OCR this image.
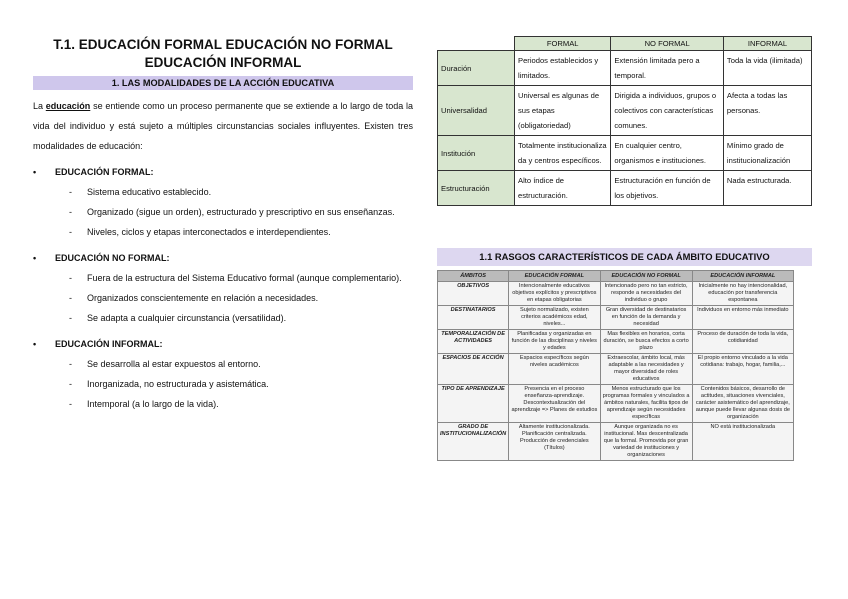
T.1. EDUCACIÓN FORMAL EDUCACIÓN NO FORMAL EDUCACIÓN INFORMAL
1. LAS MODALIDADES DE LA ACCIÓN EDUCATIVA
La educación se entiende como un proceso permanente que se extiende a lo largo de toda la vida del individuo y está sujeto a múltiples circunstancias sociales influyentes. Existen tres modalidades de educación:
• EDUCACIÓN FORMAL:
-	Sistema educativo establecido.
-	Organizado (sigue un orden), estructurado y prescriptivo en sus enseñanzas.
-	Niveles, ciclos y etapas interconectados e interdependientes.
• EDUCACIÓN NO FORMAL:
-	Fuera de la estructura del Sistema Educativo formal (aunque complementario).
-	Organizados conscientemente en relación a necesidades.
-	Se adapta a cualquier circunstancia (versatilidad).
• EDUCACIÓN INFORMAL:
-	Se desarrolla al estar expuestos al entorno.
-	Inorganizada, no estructurada y asistemática.
-	Intemporal (a lo largo de la vida).
	FORMAL	NO FORMAL	INFORMAL
Duración	Periodos establecidos y limitados.	Extensión limitada pero a temporal.	Toda la vida (ilimitada)
Universalidad	Universal es algunas de sus etapas (obligatoriedad)	Dirigida a individuos, grupos o colectivos con características comunes.	Afecta a todas las personas.
Institución	Totalmente institucionaliza da y centros específicos.	En cualquier centro, organismos e instituciones.	Mínimo grado de institucionalización
Estructuración	Alto índice de estructuración.	Estructuración en función de los objetivos.	Nada estructurada.
1.1 RASGOS CARACTERÍSTICOS DE CADA ÁMBITO EDUCATIVO
ÁMBITOS	EDUCACIÓN FORMAL	EDUCACIÓN NO FORMAL	EDUCACIÓN INFORMAL
OBJETIVOS	Intencionalmente educativos objetivos explícitos y prescriptivos en etapas obligatorias	Intencionado pero no tan estricto, responde a necesidades del individuo o grupo	Inicialmente no hay intencionalidad, educación por transferencia espontanea
DESTINATARIOS	Sujeto normalizado, existen criterios académicos edad, niveles...	Gran diversidad de destinatarios en función de la demanda y necesidad	Individuos en entorno más inmediato
TEMPORALIZACIÓN DE ACTIVIDADES	Planificadas y organizadas en función de las disciplinas y niveles y edades	Mas flexibles en horarios, corta duración, se busca efectos a corto plazo	Proceso de duración de toda la vida, cotidianidad
ESPACIOS DE ACCIÓN	Espacios específicos según niveles académicos	Extraescolar, ámbito local, más adaptable a las necesidades y mayor diversidad de roles educativos	El propio entorno vinculado a la vida cotidiana: trabajo, hogar, familia,...
TIPO DE APRENDIZAJE	Presencia en el proceso enseñanza-aprendizaje. Descontextualización del aprendizaje => Planes de estudios	Menos estructurado que los programas formales y vinculados a ámbitos naturales, facilita tipos de aprendizaje según necesidades específicas	Contenidos básicos, desarrollo de actitudes, situaciones vivenciales, carácter asistemático del aprendizaje, aunque puede llevar algunas dosis de organización
GRADO DE INSTITUCIONALIZACIÓN	Altamente institucionalizada. Planificación centralizada. Producción de credenciales (Títulos)	Aunque organizada no es institucional. Mas descentralizada que la formal. Promovida por gran variedad de instituciones y organizaciones	NO está institucionalizada
